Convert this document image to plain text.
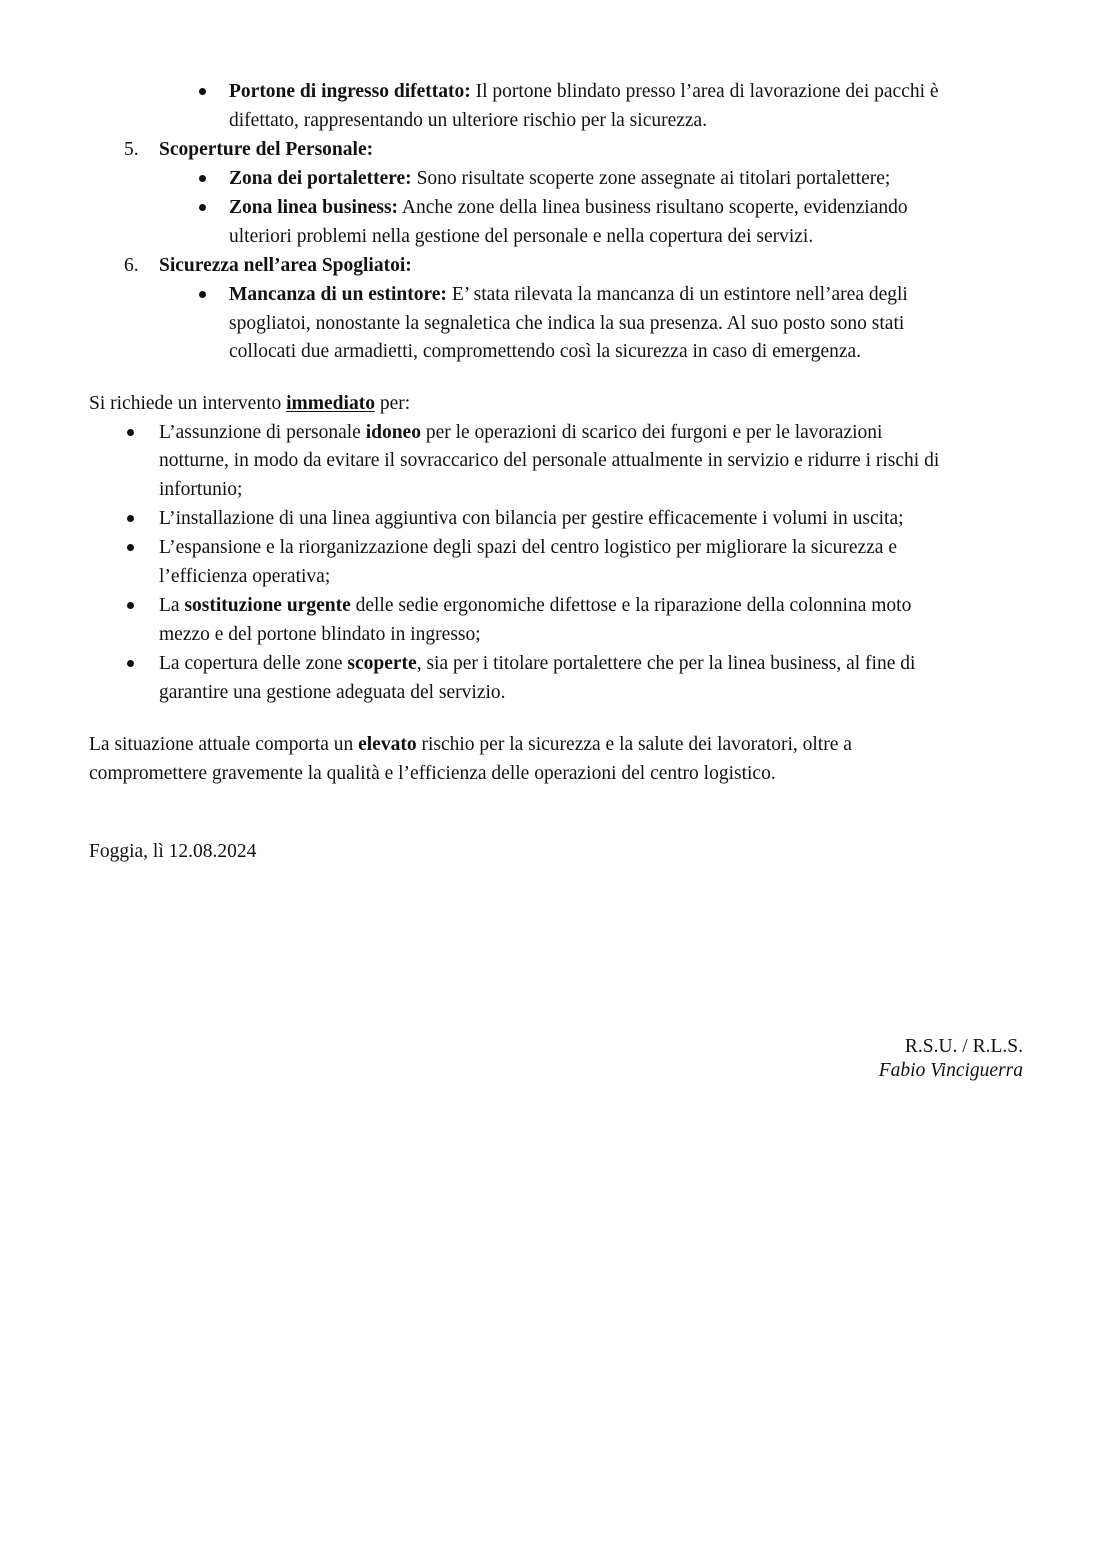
Portone di ingresso difettato: Il portone blindato presso l’area di lavorazione dei pacchi è
difettato, rappresentando un ulteriore rischio per la sicurezza.
5. Scoperture del Personale:
Zona dei portalettere: Sono risultate scoperte zone assegnate ai titolari portalettere;
Zona linea business: Anche zone della linea business risultano scoperte, evidenziando
ulteriori problemi nella gestione del personale e nella copertura dei servizi.
6. Sicurezza nell’area Spogliatoi:
Mancanza di un estintore: E’ stata rilevata la mancanza di un estintore nell’area degli
spogliatoi, nonostante la segnaletica che indica la sua presenza. Al suo posto sono stati
collocati due armadietti, compromettendo così la sicurezza in caso di emergenza.
Si richiede un intervento immediato per:
L’assunzione di personale idoneo per le operazioni di scarico dei furgoni e per le lavorazioni
notturne, in modo da evitare il sovraccarico del personale attualmente in servizio e ridurre i rischi di
infortunio;
L’installazione di una linea aggiuntiva con bilancia per gestire efficacemente i volumi in uscita;
L’espansione e la riorganizzazione degli spazi del centro logistico per migliorare la sicurezza e
l’efficienza operativa;
La sostituzione urgente delle sedie ergonomiche difettose e la riparazione della colonnina moto
mezzo e del portone blindato in ingresso;
La copertura delle zone scoperte, sia per i titolare portalettere che per la linea business, al fine di
garantire una gestione adeguata del servizio.
La situazione attuale comporta un elevato rischio per la sicurezza e la salute dei lavoratori, oltre a
compromettere gravemente la qualità e l’efficienza delle operazioni del centro logistico.
Foggia, lì 12.08.2024
R.S.U. / R.L.S.
Fabio Vinciguerra
